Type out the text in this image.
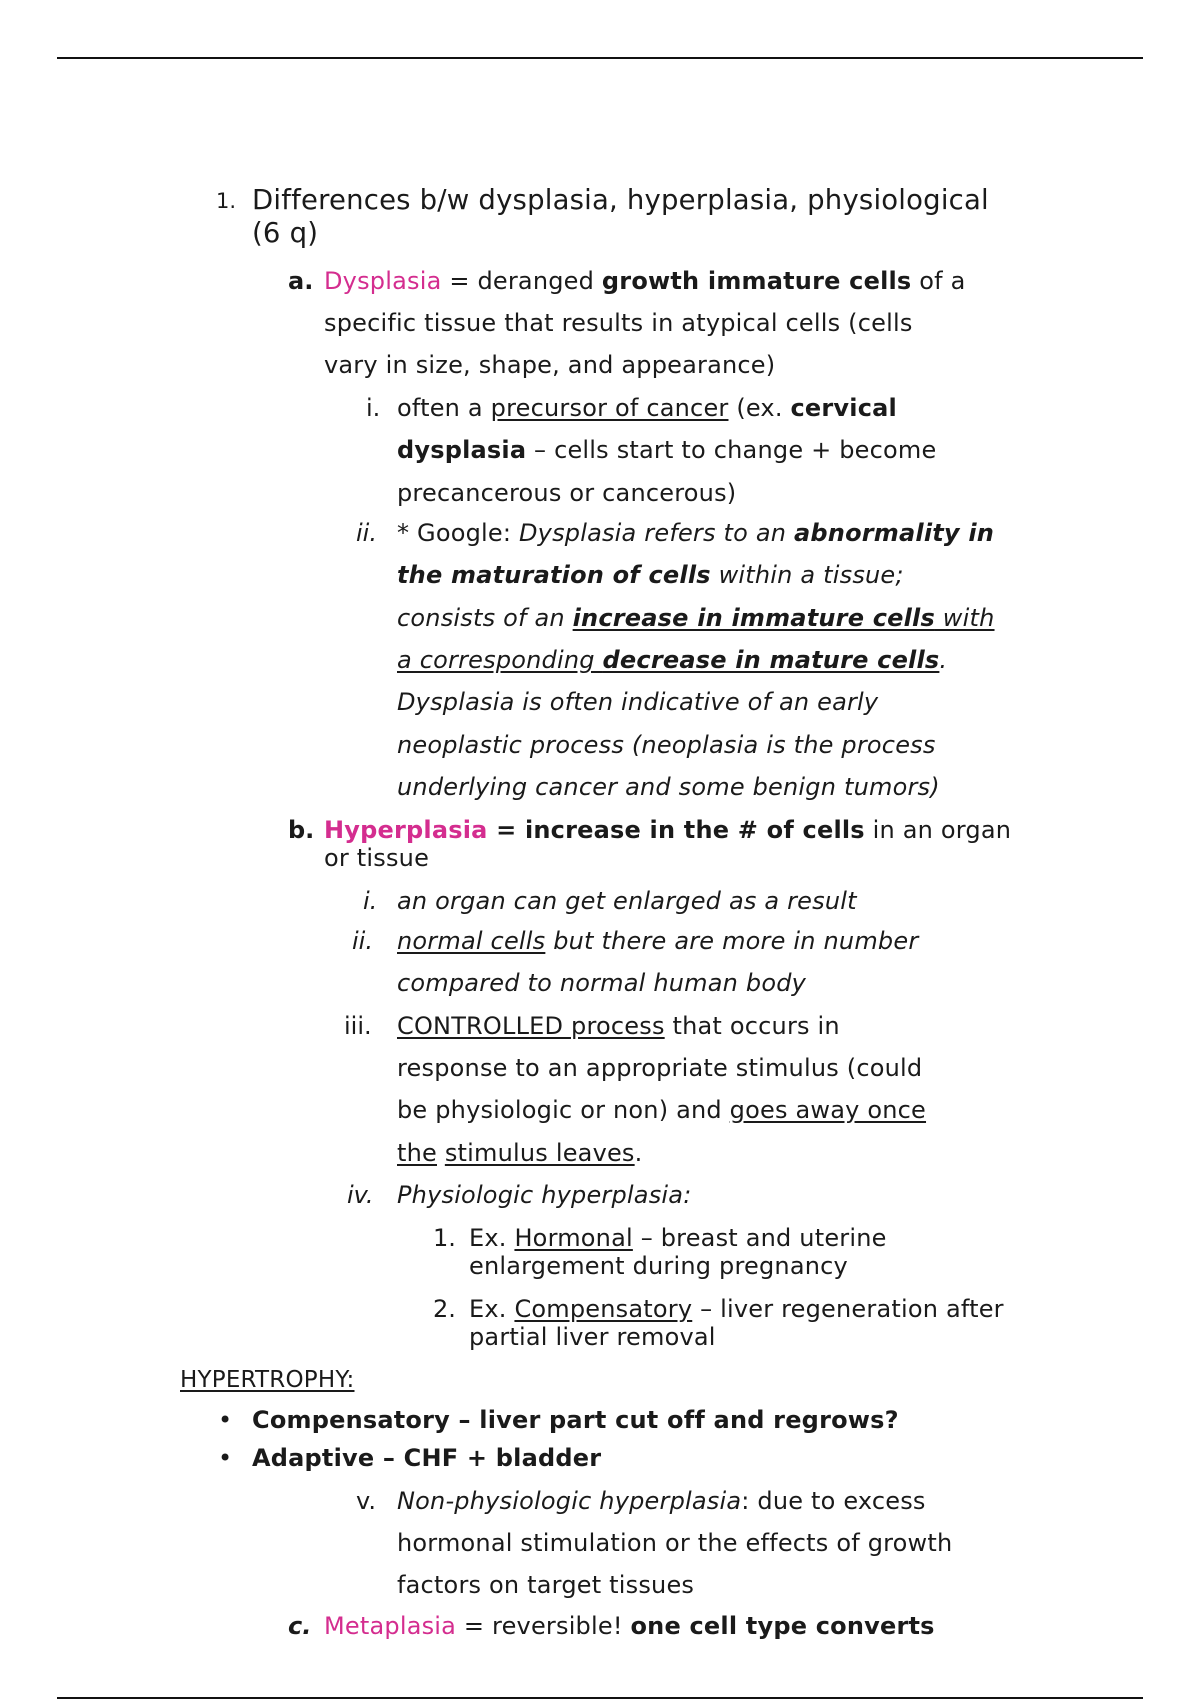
1. Differences b/w dysplasia, hyperplasia, physiological
(6 q)
a. Dysplasia = deranged growth immature cells of a
specific tissue that results in atypical cells (cells
vary in size, shape, and appearance)
i. often a precursor of cancer (ex. cervical
dysplasia – cells start to change + become
precancerous or cancerous)
ii. * Google: Dysplasia refers to an abnormality in
the maturation of cells within a tissue;
consists of an increase in immature cells with
a corresponding decrease in mature cells.
Dysplasia is often indicative of an early
neoplastic process (neoplasia is the process
underlying cancer and some benign tumors)
b. Hyperplasia = increase in the # of cells in an organ
or tissue
i. an organ can get enlarged as a result
ii. normal cells but there are more in number
compared to normal human body
iii. CONTROLLED process that occurs in
response to an appropriate stimulus (could
be physiologic or non) and goes away once
the stimulus leaves.
iv. Physiologic hyperplasia:
1. Ex. Hormonal – breast and uterine
enlargement during pregnancy
2. Ex. Compensatory – liver regeneration after
partial liver removal
HYPERTROPHY:
• Compensatory – liver part cut off and regrows?
• Adaptive – CHF + bladder
v. Non-physiologic hyperplasia: due to excess
hormonal stimulation or the effects of growth
factors on target tissues
c. Metaplasia = reversible! one cell type converts
